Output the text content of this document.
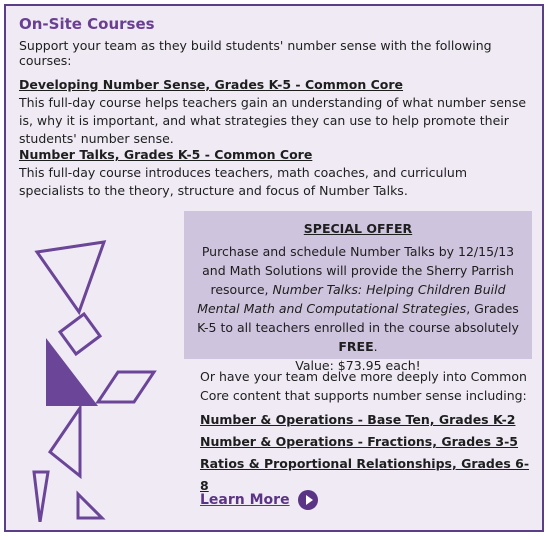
On-Site Courses
Support your team as they build students' number sense with the following courses:
Developing Number Sense, Grades K-5 - Common Core
This full-day course helps teachers gain an understanding of what number sense is, why it is important, and what strategies they can use to help promote their students' number sense.
Number Talks, Grades K-5 - Common Core
This full-day course introduces teachers, math coaches, and curriculum specialists to the theory, structure and focus of Number Talks.
SPECIAL OFFER
Purchase and schedule Number Talks by 12/15/13 and Math Solutions will provide the Sherry Parrish resource, Number Talks: Helping Children Build Mental Math and Computational Strategies, Grades K-5 to all teachers enrolled in the course absolutely FREE.
Value: $73.95 each!
Or have your team delve more deeply into Common Core content that supports number sense including:
Number & Operations - Base Ten, Grades K-2
Number & Operations - Fractions, Grades 3-5
Ratios & Proportional Relationships, Grades 6-8
Learn More
